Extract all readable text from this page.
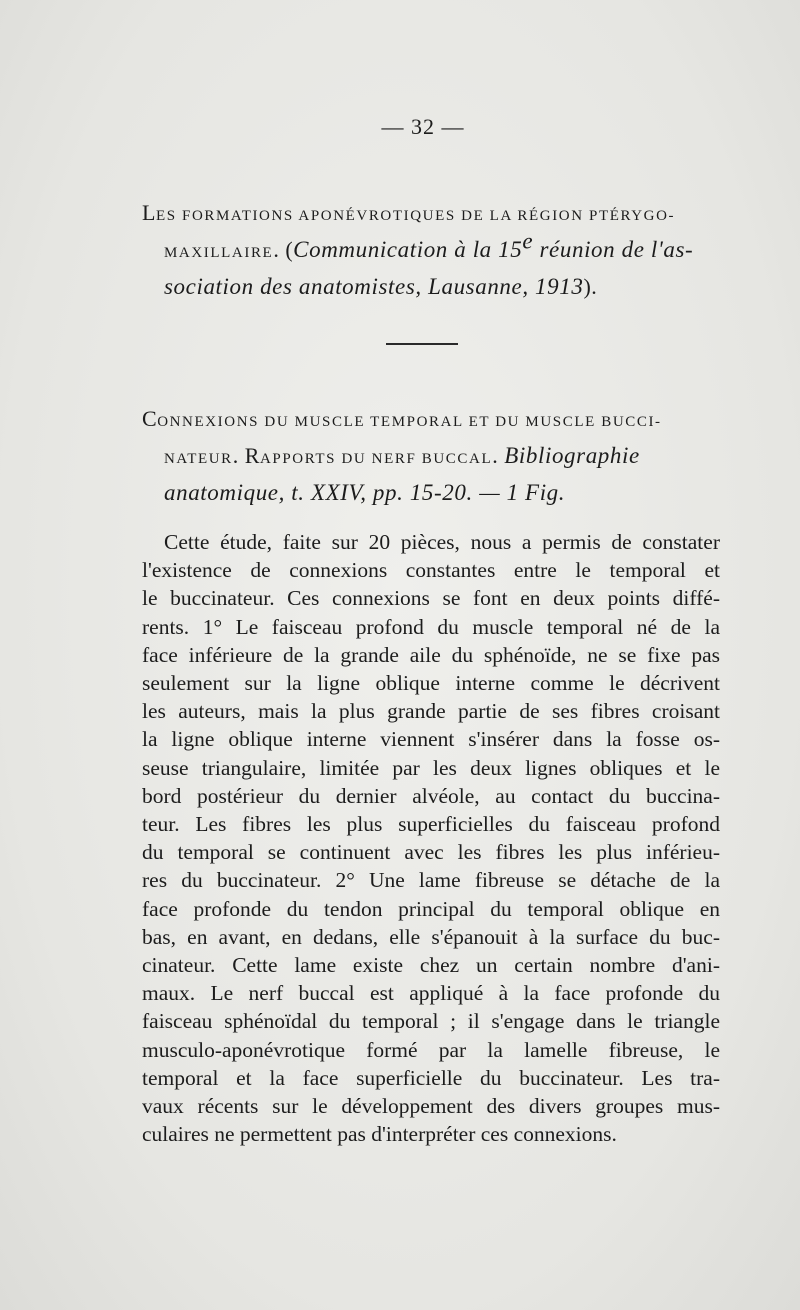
— 32 —
LES FORMATIONS APONÉVROTIQUES DE LA RÉGION PTÉRYGO-
MAXILLAIRE. (Communication à la 15e réunion de l'as-
sociation des anatomistes, Lausanne, 1913).
CONNEXIONS DU MUSCLE TEMPORAL ET DU MUSCLE BUCCI-
NATEUR. RAPPORTS DU NERF BUCCAL. Bibliographie
anatomique, t. XXIV, pp. 15-20. — 1 Fig.
Cette étude, faite sur 20 pièces, nous a permis de constater
l'existence de connexions constantes entre le temporal et
le buccinateur. Ces connexions se font en deux points diffé-
rents. 1° Le faisceau profond du muscle temporal né de la
face inférieure de la grande aile du sphénoïde, ne se fixe pas
seulement sur la ligne oblique interne comme le décrivent
les auteurs, mais la plus grande partie de ses fibres croisant
la ligne oblique interne viennent s'insérer dans la fosse os-
seuse triangulaire, limitée par les deux lignes obliques et le
bord postérieur du dernier alvéole, au contact du buccina-
teur. Les fibres les plus superficielles du faisceau profond
du temporal se continuent avec les fibres les plus inférieu-
res du buccinateur. 2° Une lame fibreuse se détache de la
face profonde du tendon principal du temporal oblique en
bas, en avant, en dedans, elle s'épanouit à la surface du buc-
cinateur. Cette lame existe chez un certain nombre d'ani-
maux. Le nerf buccal est appliqué à la face profonde du
faisceau sphénoïdal du temporal ; il s'engage dans le triangle
musculo-aponévrotique formé par la lamelle fibreuse, le
temporal et la face superficielle du buccinateur. Les tra-
vaux récents sur le développement des divers groupes mus-
culaires ne permettent pas d'interpréter ces connexions.
